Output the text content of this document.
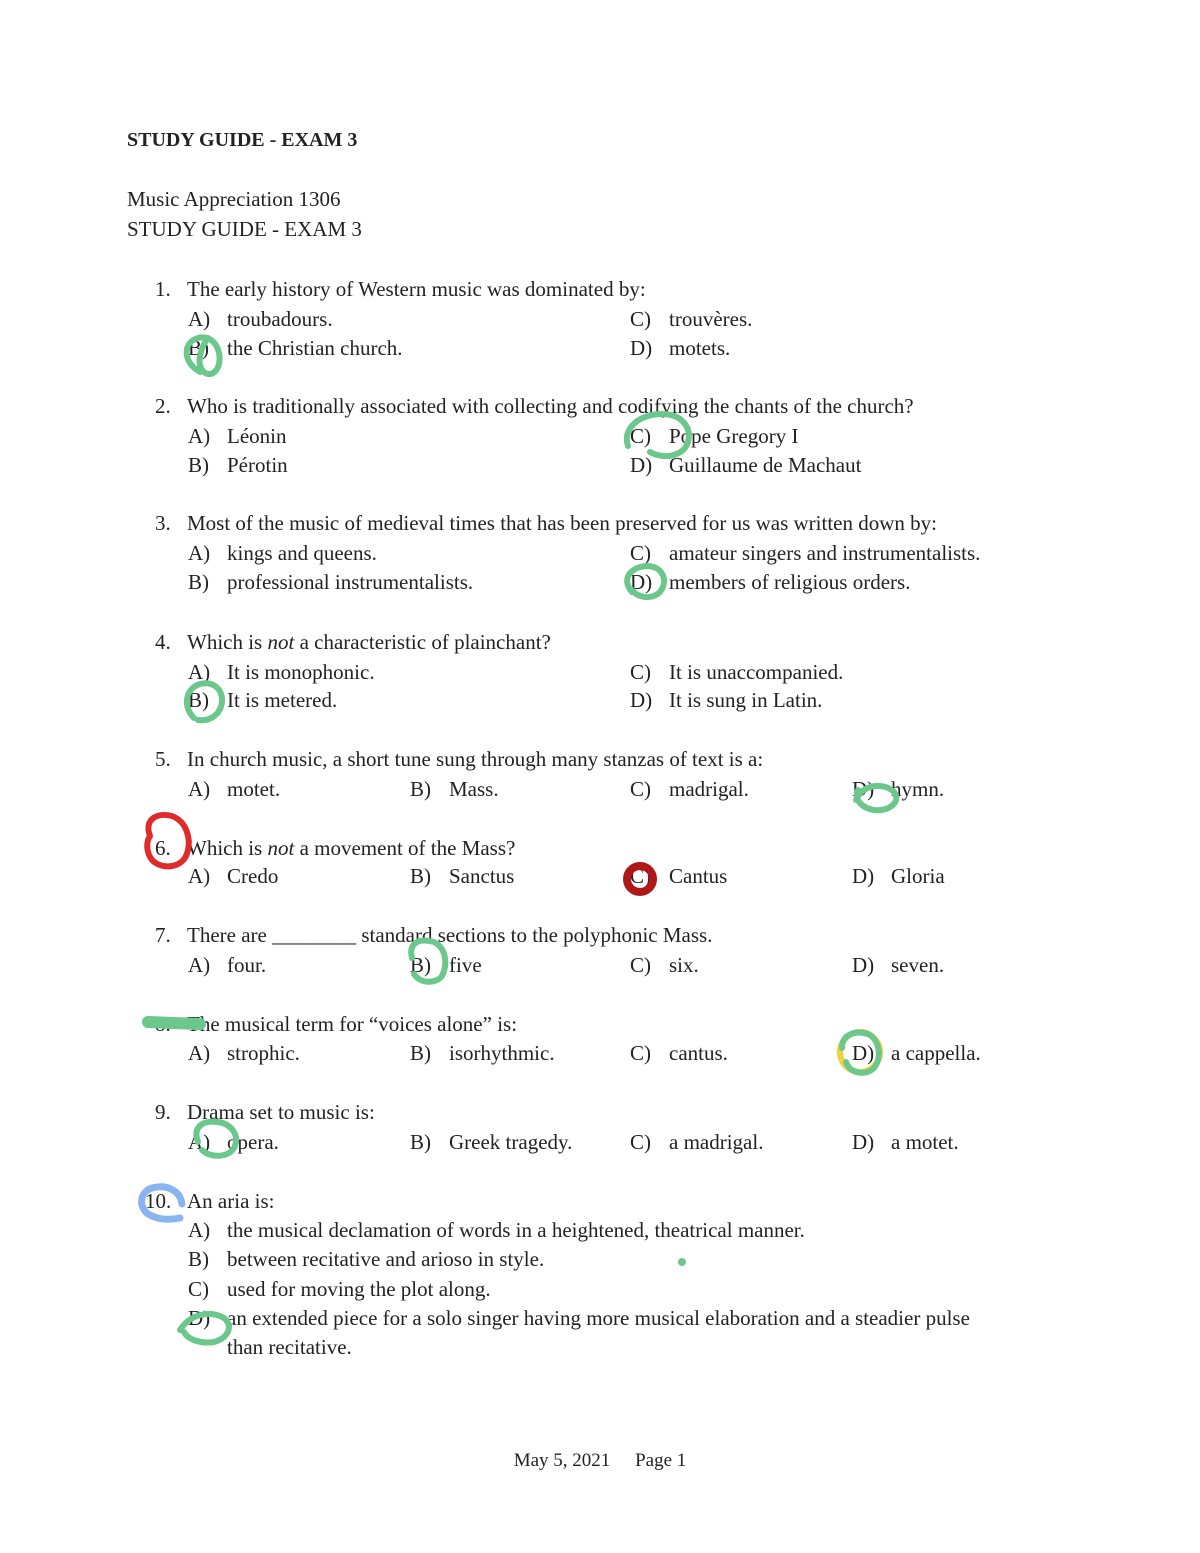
STUDY GUIDE - EXAM 3
Music Appreciation 1306
STUDY GUIDE - EXAM 3
1. The early history of Western music was dominated by:
A) troubadours.
B) the Christian church.
C) trouvères.
D) motets.
2. Who is traditionally associated with collecting and codifying the chants of the church?
A) Léonin
B) Pérotin
C) Pope Gregory I
D) Guillaume de Machaut
3. Most of the music of medieval times that has been preserved for us was written down by:
A) kings and queens.
B) professional instrumentalists.
C) amateur singers and instrumentalists.
D) members of religious orders.
4. Which is not a characteristic of plainchant?
A) It is monophonic.
B) It is metered.
C) It is unaccompanied.
D) It is sung in Latin.
5. In church music, a short tune sung through many stanzas of text is a:
A) motet.	B) Mass.	C) madrigal.	D) hymn.
6. Which is not a movement of the Mass?
A) Credo	B) Sanctus	C) Cantus	D) Gloria
7. There are ________ standard sections to the polyphonic Mass.
A) four.	B) five	C) six.	D) seven.
8. The musical term for “voices alone” is:
A) strophic.	B) isorhythmic.	C) cantus.	D) a cappella.
9. Drama set to music is:
A) opera.	B) Greek tragedy.	C) a madrigal.	D) a motet.
10. An aria is:
A) the musical declamation of words in a heightened, theatrical manner.
B) between recitative and arioso in style.
C) used for moving the plot along.
D) an extended piece for a solo singer having more musical elaboration and a steadier pulse
than recitative.
May 5, 2021 Page 1
